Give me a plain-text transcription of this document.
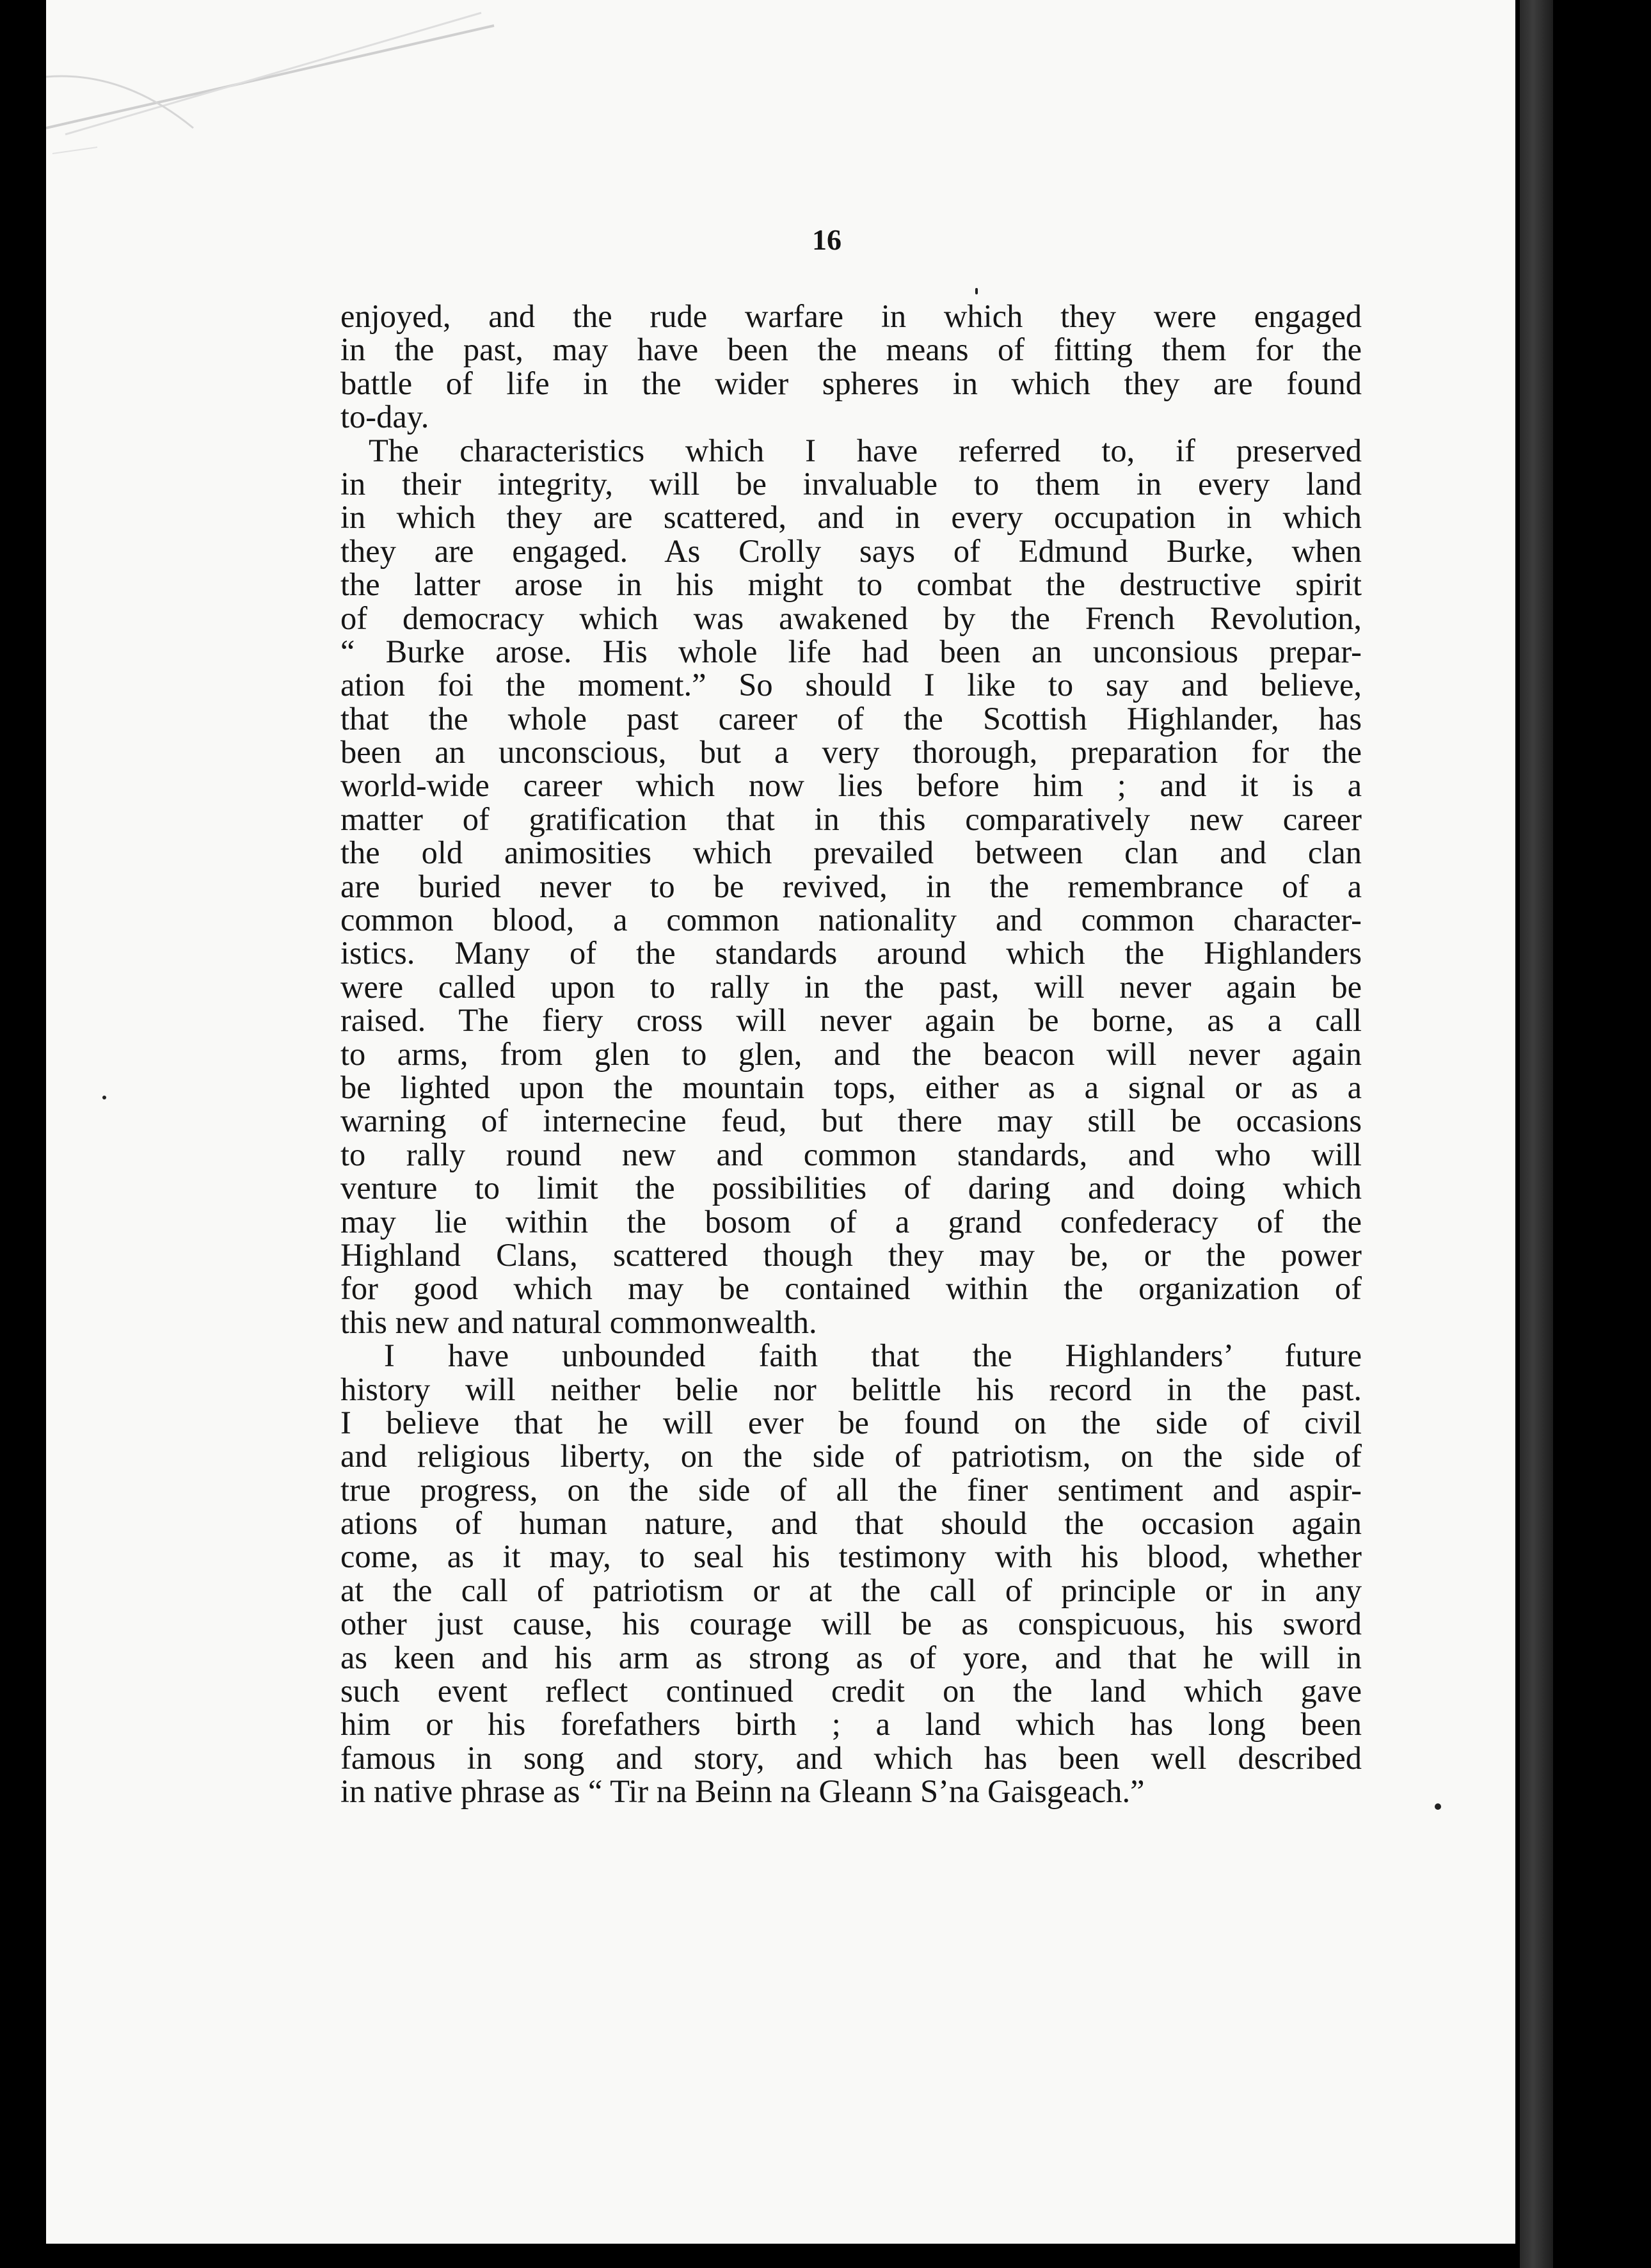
16
enjoyed, and the rude warfare in which they were engaged
in the past, may have been the means of fitting them for the
battle of life in the wider spheres in which they are found
to-day.
The characteristics which I have referred to, if preserved
in their integrity, will be invaluable to them in every land
in which they are scattered, and in every occupation in which
they are engaged. As Crolly says of Edmund Burke, when
the latter arose in his might to combat the destructive spirit
of democracy which was awakened by the French Revolution,
“ Burke arose. His whole life had been an unconsious prepar-
ation foi the moment.” So should I like to say and believe,
that the whole past career of the Scottish Highlander, has
been an unconscious, but a very thorough, preparation for the
world-wide career which now lies before him ; and it is a
matter of gratification that in this comparatively new career
the old animosities which prevailed between clan and clan
are buried never to be revived, in the remembrance of a
common blood, a common nationality and common character-
istics. Many of the standards around which the Highlanders
were called upon to rally in the past, will never again be
raised. The fiery cross will never again be borne, as a call
to arms, from glen to glen, and the beacon will never again
be lighted upon the mountain tops, either as a signal or as a
warning of internecine feud, but there may still be occasions
to rally round new and common standards, and who will
venture to limit the possibilities of daring and doing which
may lie within the bosom of a grand confederacy of the
Highland Clans, scattered though they may be, or the power
for good which may be contained within the organization of
this new and natural commonwealth.
I have unbounded faith that the Highlanders’ future
history will neither belie nor belittle his record in the past.
I believe that he will ever be found on the side of civil
and religious liberty, on the side of patriotism, on the side of
true progress, on the side of all the finer sentiment and aspir-
ations of human nature, and that should the occasion again
come, as it may, to seal his testimony with his blood, whether
at the call of patriotism or at the call of principle or in any
other just cause, his courage will be as conspicuous, his sword
as keen and his arm as strong as of yore, and that he will in
such event reflect continued credit on the land which gave
him or his forefathers birth ; a land which has long been
famous in song and story, and which has been well described
in native phrase as “ Tir na Beinn na Gleann S’na Gaisgeach.”
